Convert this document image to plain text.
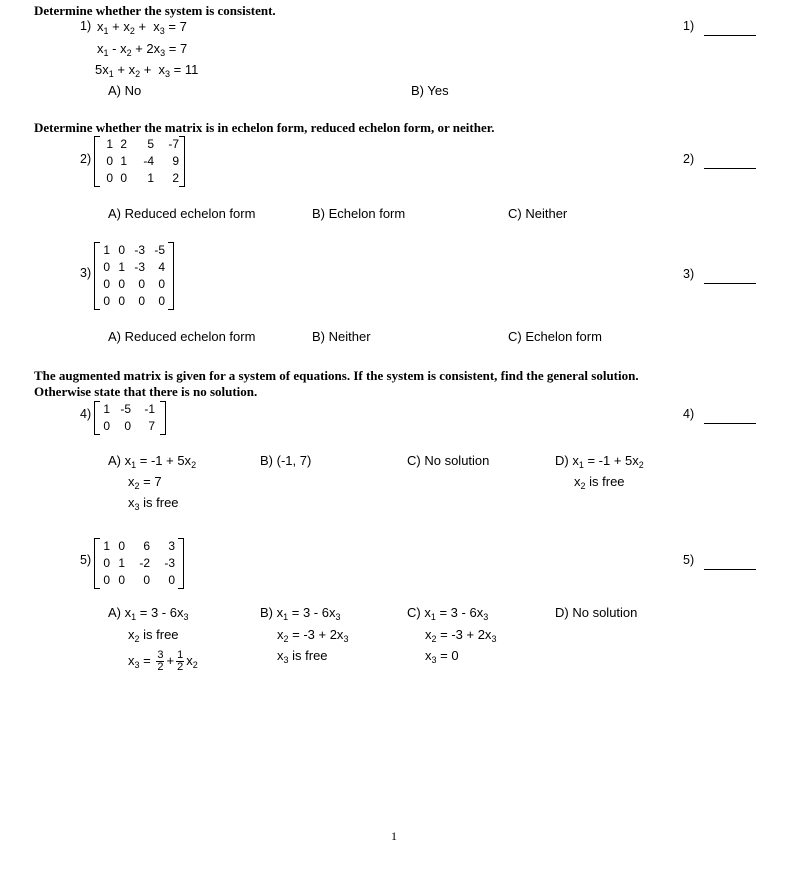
Determine whether the system is consistent.
1) $x_1 + x_2 + x_3 = 7$
$x_1 - x_2 + 2x_3 = 7$
$5x_1 + x_2 + x_3 = 11$
A) No	B) Yes
1)
Determine whether the matrix is in echelon form, reduced echelon form, or neither.
2)
1	2	5	-7
0	1	-4	9
0	0	1	2
A) Reduced echelon form	B) Echelon form	C) Neither
2)
3)
1	0	-3	-5
0	1	-3	4
0	0	0	0
0	0	0	0
A) Reduced echelon form	B) Neither	C) Echelon form
3)
The augmented matrix is given for a system of equations. If the system is consistent, find the general solution.
Otherwise state that there is no solution.
4) 1	-5	-1
0	0	7
A) $x_1 = -1 + 5x_2$
$x_2 = 7$
$x_3$ is free
B) (-1, 7)	C) No solution	D) $x_1 = -1 + 5x_2$
$x_2$ is free
4)
5)
1	0	6	3
0	1	-2	-3
0	0	0	0
A) $x_1 = 3 - 6x_3$
$x_2$ is free
$x_3 = \frac{3}{2} + \frac{1}{2} x_2$
B) $x_1 = 3 - 6x_3$
$x_2 = -3 + 2x_3$
$x_3$ is free
C) $x_1 = 3 - 6x_3$
$x_2 = -3 + 2x_3$
$x_3 = 0$
D) No solution
5)
1
